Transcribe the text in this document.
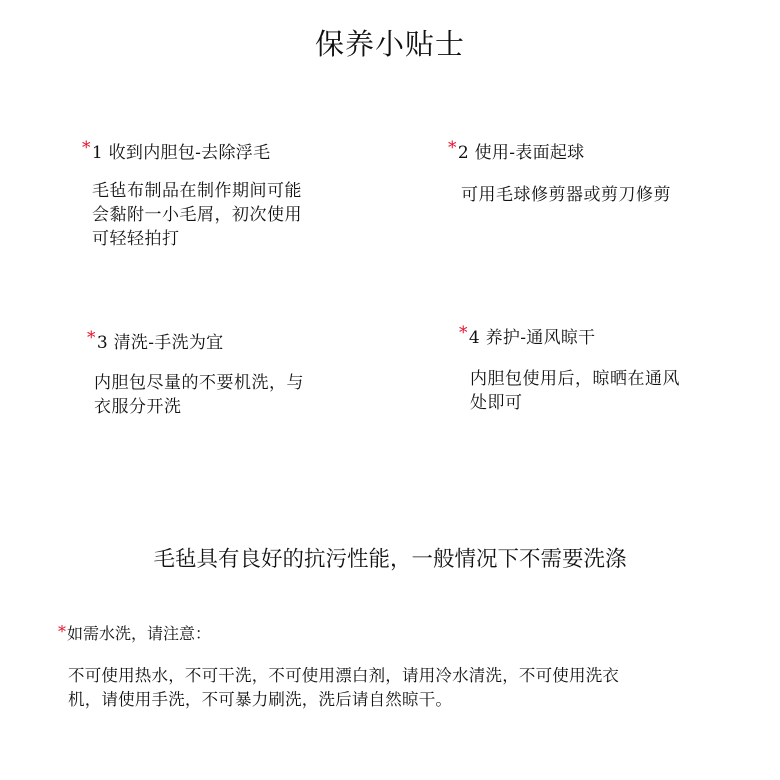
保养小贴士
*1 收到内胆包-去除浮毛
毛毡布制品在制作期间可能
会黏附一小毛屑，初次使用
可轻轻拍打
*2 使用-表面起球
可用毛球修剪器或剪刀修剪
*3 清洗-手洗为宜
内胆包尽量的不要机洗，与
衣服分开洗
*4 养护-通风晾干
内胆包使用后，晾晒在通风
处即可
毛毡具有良好的抗污性能，一般情况下不需要洗涤
*如需水洗，请注意：
不可使用热水，不可干洗，不可使用漂白剂，请用冷水清洗，不可使用洗衣
机，请使用手洗，不可暴力刷洗，洗后请自然晾干。
